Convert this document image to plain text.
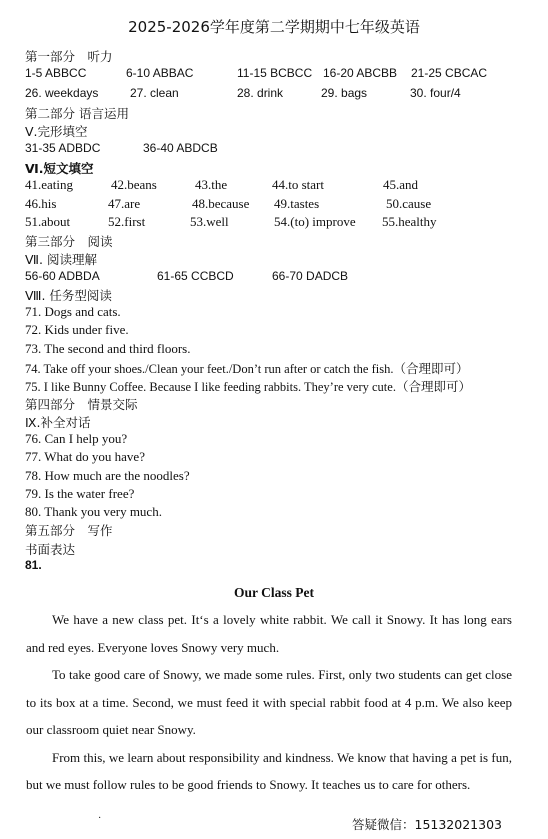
2025-2026学年度第二学期期中七年级英语
第一部分　听力
1-5 ABBCC	6-10 ABBAC	11-15 BCBCC 16-20 ABCBB 21-25 CBCAC
26. weekdays	27. clean	28. drink	29. bags	30. four/4
第二部分 语言运用
Ⅴ.完形填空
31-35 ADBDC	36-40 ABDCB
Ⅵ.短文填空
41.eating	42.beans	43.the	44.to start	45.and
46.his	47.are	48.because 49.tastes	50.cause
51.about	52.first	53.well	54.(to) improve 55.healthy
第三部分　阅读
Ⅶ. 阅读理解
56-60 ADBDA	61-65 CCBCD	66-70 DADCB
Ⅷ. 任务型阅读
71. Dogs and cats.
72. Kids under five.
73. The second and third floors.
74. Take off your shoes./Clean your feet./Don’t run after or catch the fish.（合理即可）
75. I like Bunny Coffee. Because I like feeding rabbits. They’re very cute.（合理即可）
第四部分　情景交际
Ⅸ.补全对话
76. Can I help you?
77. What do you have?
78. How much are the noodles?
79. Is the water free?
80. Thank you very much.
第五部分　写作
书面表达
81.
Our Class Pet

We have a new class pet. It‘s a lovely white rabbit. We call it Snowy. It has long ears and red eyes. Everyone loves Snowy very much.

To take good care of Snowy, we made some rules. First, only two students can get close to its box at a time. Second, we must feed it with special rabbit food at 4 p.m. We also keep our classroom quiet near Snowy.

From this, we learn about responsibility and kindness. We know that having a pet is fun, but we must follow rules to be good friends to Snowy. It teaches us to care for others.

·	答疑微信：15132021303
